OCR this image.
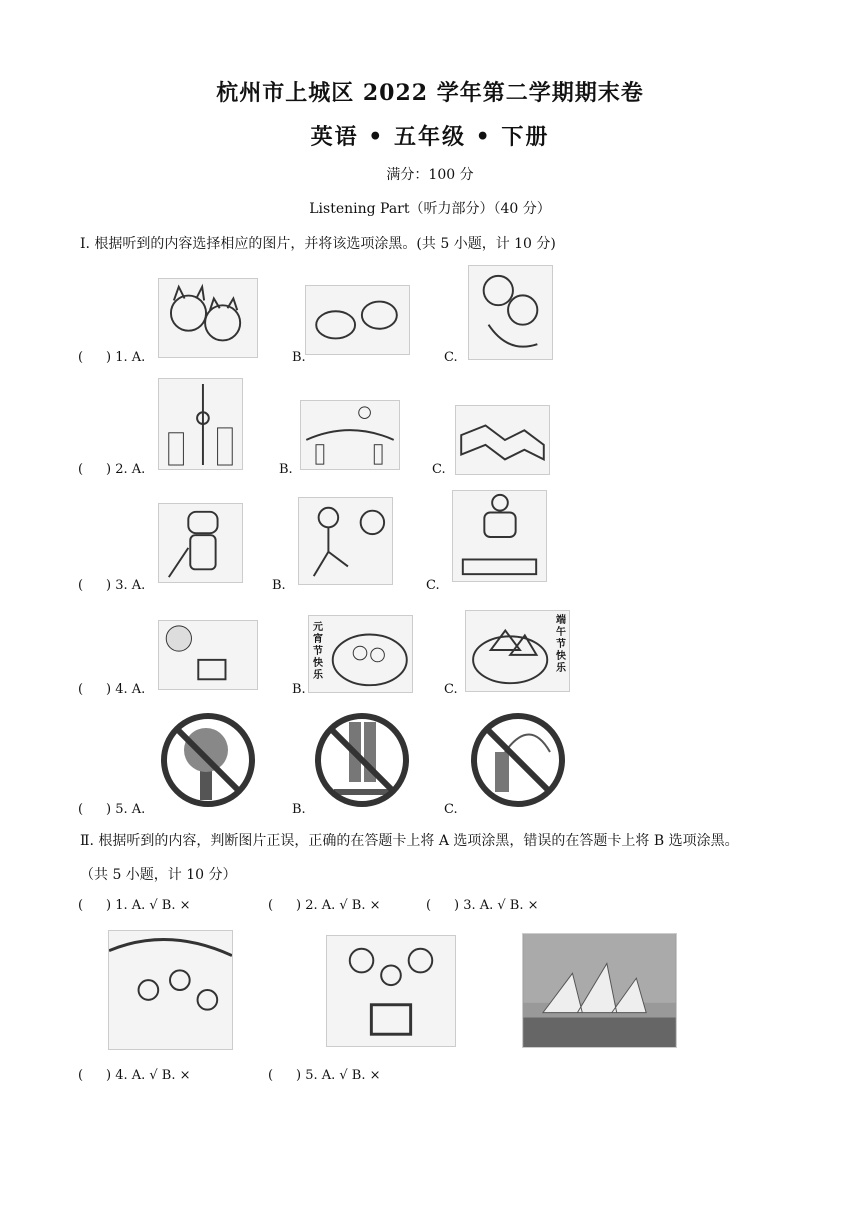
杭州市上城区 2022 学年第二学期期末卷
英语 • 五年级 • 下册
满分：100 分
Listening Part（听力部分）（40 分）
Ⅰ. 根据听到的内容选择相应的图片，并将该选项涂黑。(共 5 小题，计 10 分)
( ) 1. A.	B.	C.
( ) 2. A.	B.	C.
( ) 3. A.	B.	C.
元宵节快乐
端午节快乐
( ) 4. A.	B.	C.
( ) 5. A.	B.	C.
Ⅱ. 根据听到的内容，判断图片正误，正确的在答题卡上将 A 选项涂黑，错误的在答题卡上将 B 选项涂黑。
（共 5 小题，计 10 分）
( ) 1. A. √ B. ×	( ) 2. A. √ B. ×	( ) 3. A. √ B. ×
( ) 4. A. √ B. ×	( ) 5. A. √ B. ×
